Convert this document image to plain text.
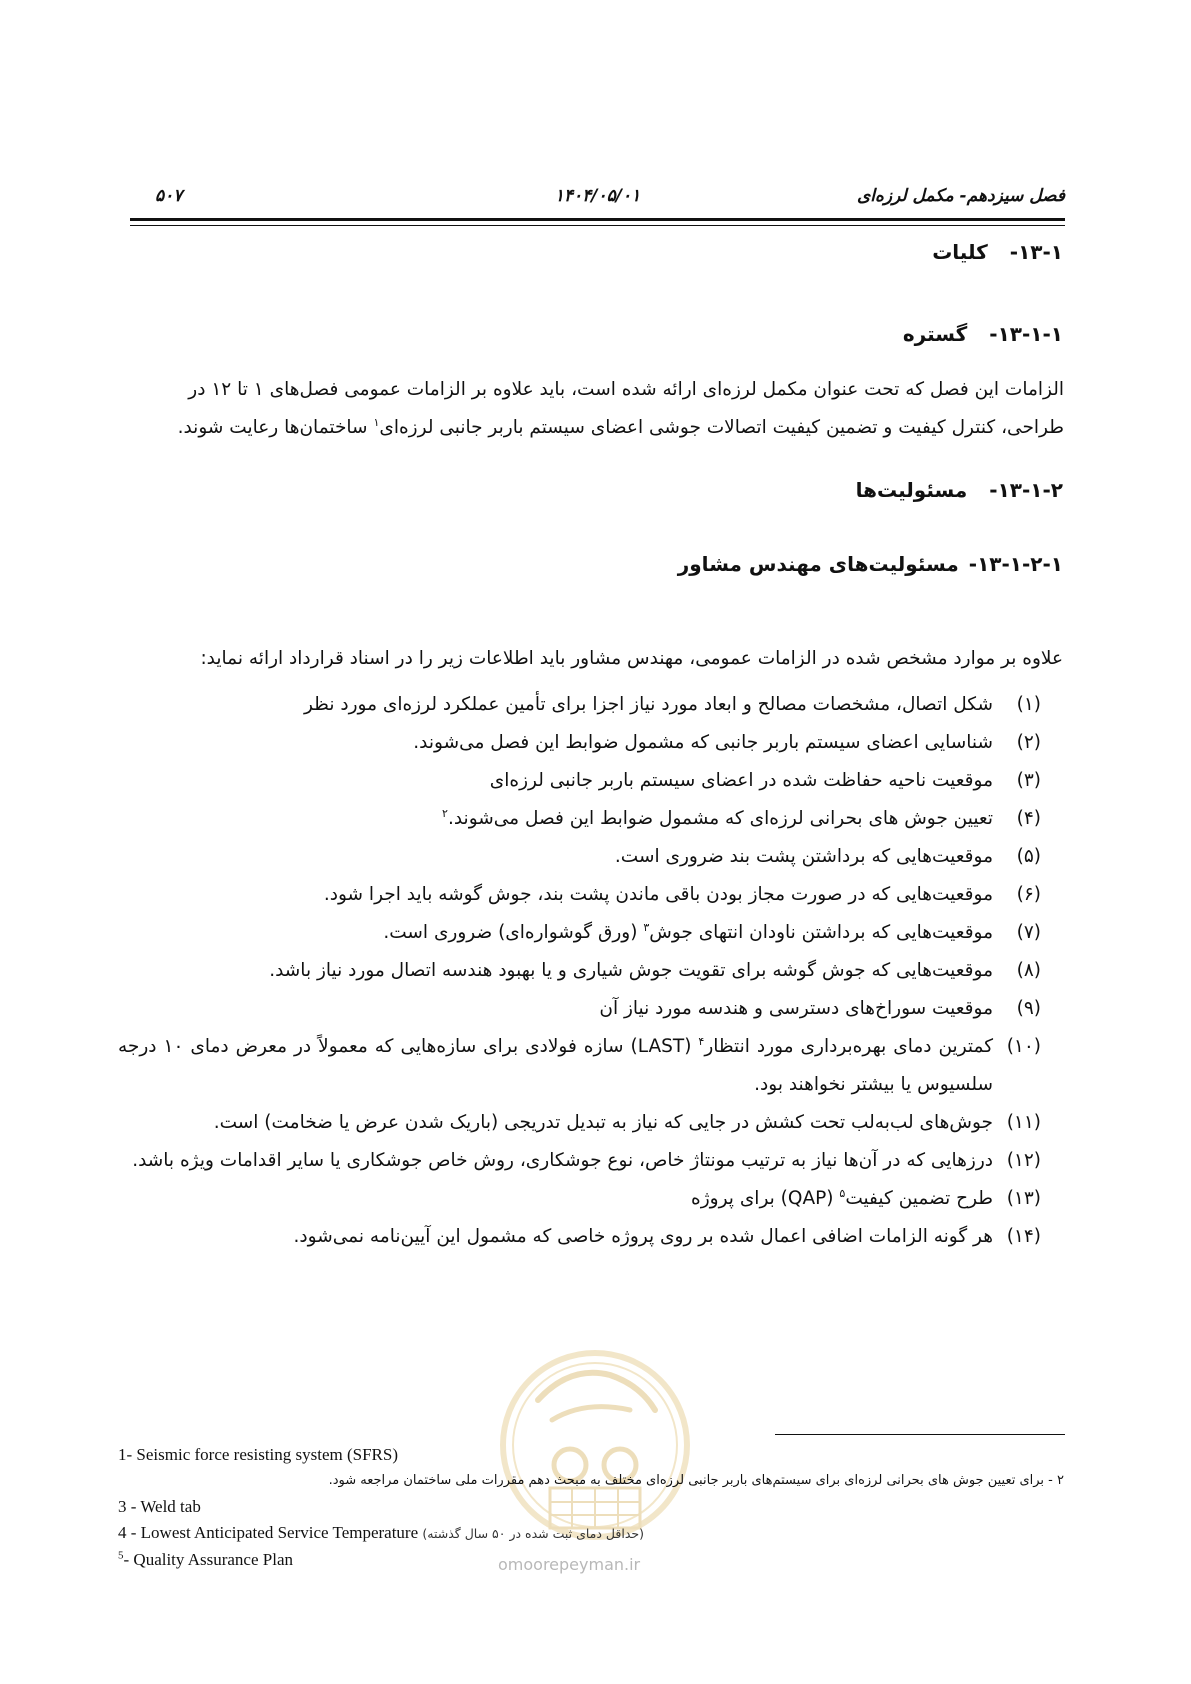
فصل سیزدهم- مکمل لرزه‌ای
۱۴۰۴/۰۵/۰۱
۵۰۷
۱۳-۱-کلیات
۱۳-۱-۱-گستره
الزامات این فصل که تحت عنوان مکمل لرزه‌ای ارائه شده است، باید علاوه بر الزامات عمومی فصل‌های ۱ تا ۱۲ در
طراحی، کنترل کیفیت و تضمین کیفیت اتصالات جوشی اعضای سیستم باربر جانبی لرزه‌ای$^۱$ ساختمان‌ها رعایت شوند.
۱۳-۱-۲-مسئولیت‌ها
۱۳-۱-۲-۱-مسئولیت‌های مهندس مشاور
علاوه بر موارد مشخص شده در الزامات عمومی، مهندس مشاور باید اطلاعات زیر را در اسناد قرارداد ارائه نماید:
(۱)
شکل اتصال، مشخصات مصالح و ابعاد مورد نیاز اجزا برای تأمین عملکرد لرزه‌ای مورد نظر
(۲)
شناسایی اعضای سیستم باربر جانبی که مشمول ضوابط این فصل می‌شوند.
(۳)
موقعیت ناحیه حفاظت شده در اعضای سیستم باربر جانبی لرزه‌ای
(۴)
تعیین جوش های بحرانی لرزه‌ای که مشمول ضوابط این فصل می‌شوند.$^۲$
(۵)
موقعیت‌هایی که برداشتن پشت بند ضروری است.
(۶)
موقعیت‌هایی که در صورت مجاز بودن باقی ماندن پشت بند، جوش گوشه باید اجرا شود.
(۷)
موقعیت‌هایی که برداشتن ناودان انتهای جوش$^۳$ (ورق گوشواره‌ای) ضروری است.
(۸)
موقعیت‌هایی که جوش گوشه برای تقویت جوش شیاری و یا بهبود هندسه اتصال مورد نیاز باشد.
(۹)
موقعیت سوراخ‌های دسترسی و هندسه مورد نیاز آن
(۱۰)
کمترین دمای بهره‌برداری مورد انتظار$^۴$ (LAST) سازه فولادی برای سازه‌هایی که معمولاً در معرض دمای ۱۰ درجه سلسیوس یا بیشتر نخواهند بود.
(۱۱)
جوش‌های لب‌به‌لب تحت کشش در جایی که نیاز به تبدیل تدریجی (باریک شدن عرض یا ضخامت) است.
(۱۲)
درزهایی که در آن‌ها نیاز به ترتیب مونتاژ خاص، نوع جوشکاری، روش خاص جوشکاری یا سایر اقدامات ویژه باشد.
(۱۳)
طرح تضمین کیفیت$^۵$ (QAP) برای پروژه
(۱۴)
هر گونه الزامات اضافی اعمال شده بر روی پروژه خاصی که مشمول این آیین‌نامه نمی‌شود.
omoorepeyman.ir
1- Seismic force resisting system (SFRS)
۲ - برای تعیین جوش های بحرانی لرزه‌ای برای سیستم‌های باربر جانبی لرزه‌ای مختلف به مبحث دهم مقررات ملی ساختمان مراجعه شود.
3 - Weld tab
4 - Lowest Anticipated Service Temperature (حداقل دمای ثبت شده در ۵۰ سال گذشته)
$^5$- Quality Assurance Plan
